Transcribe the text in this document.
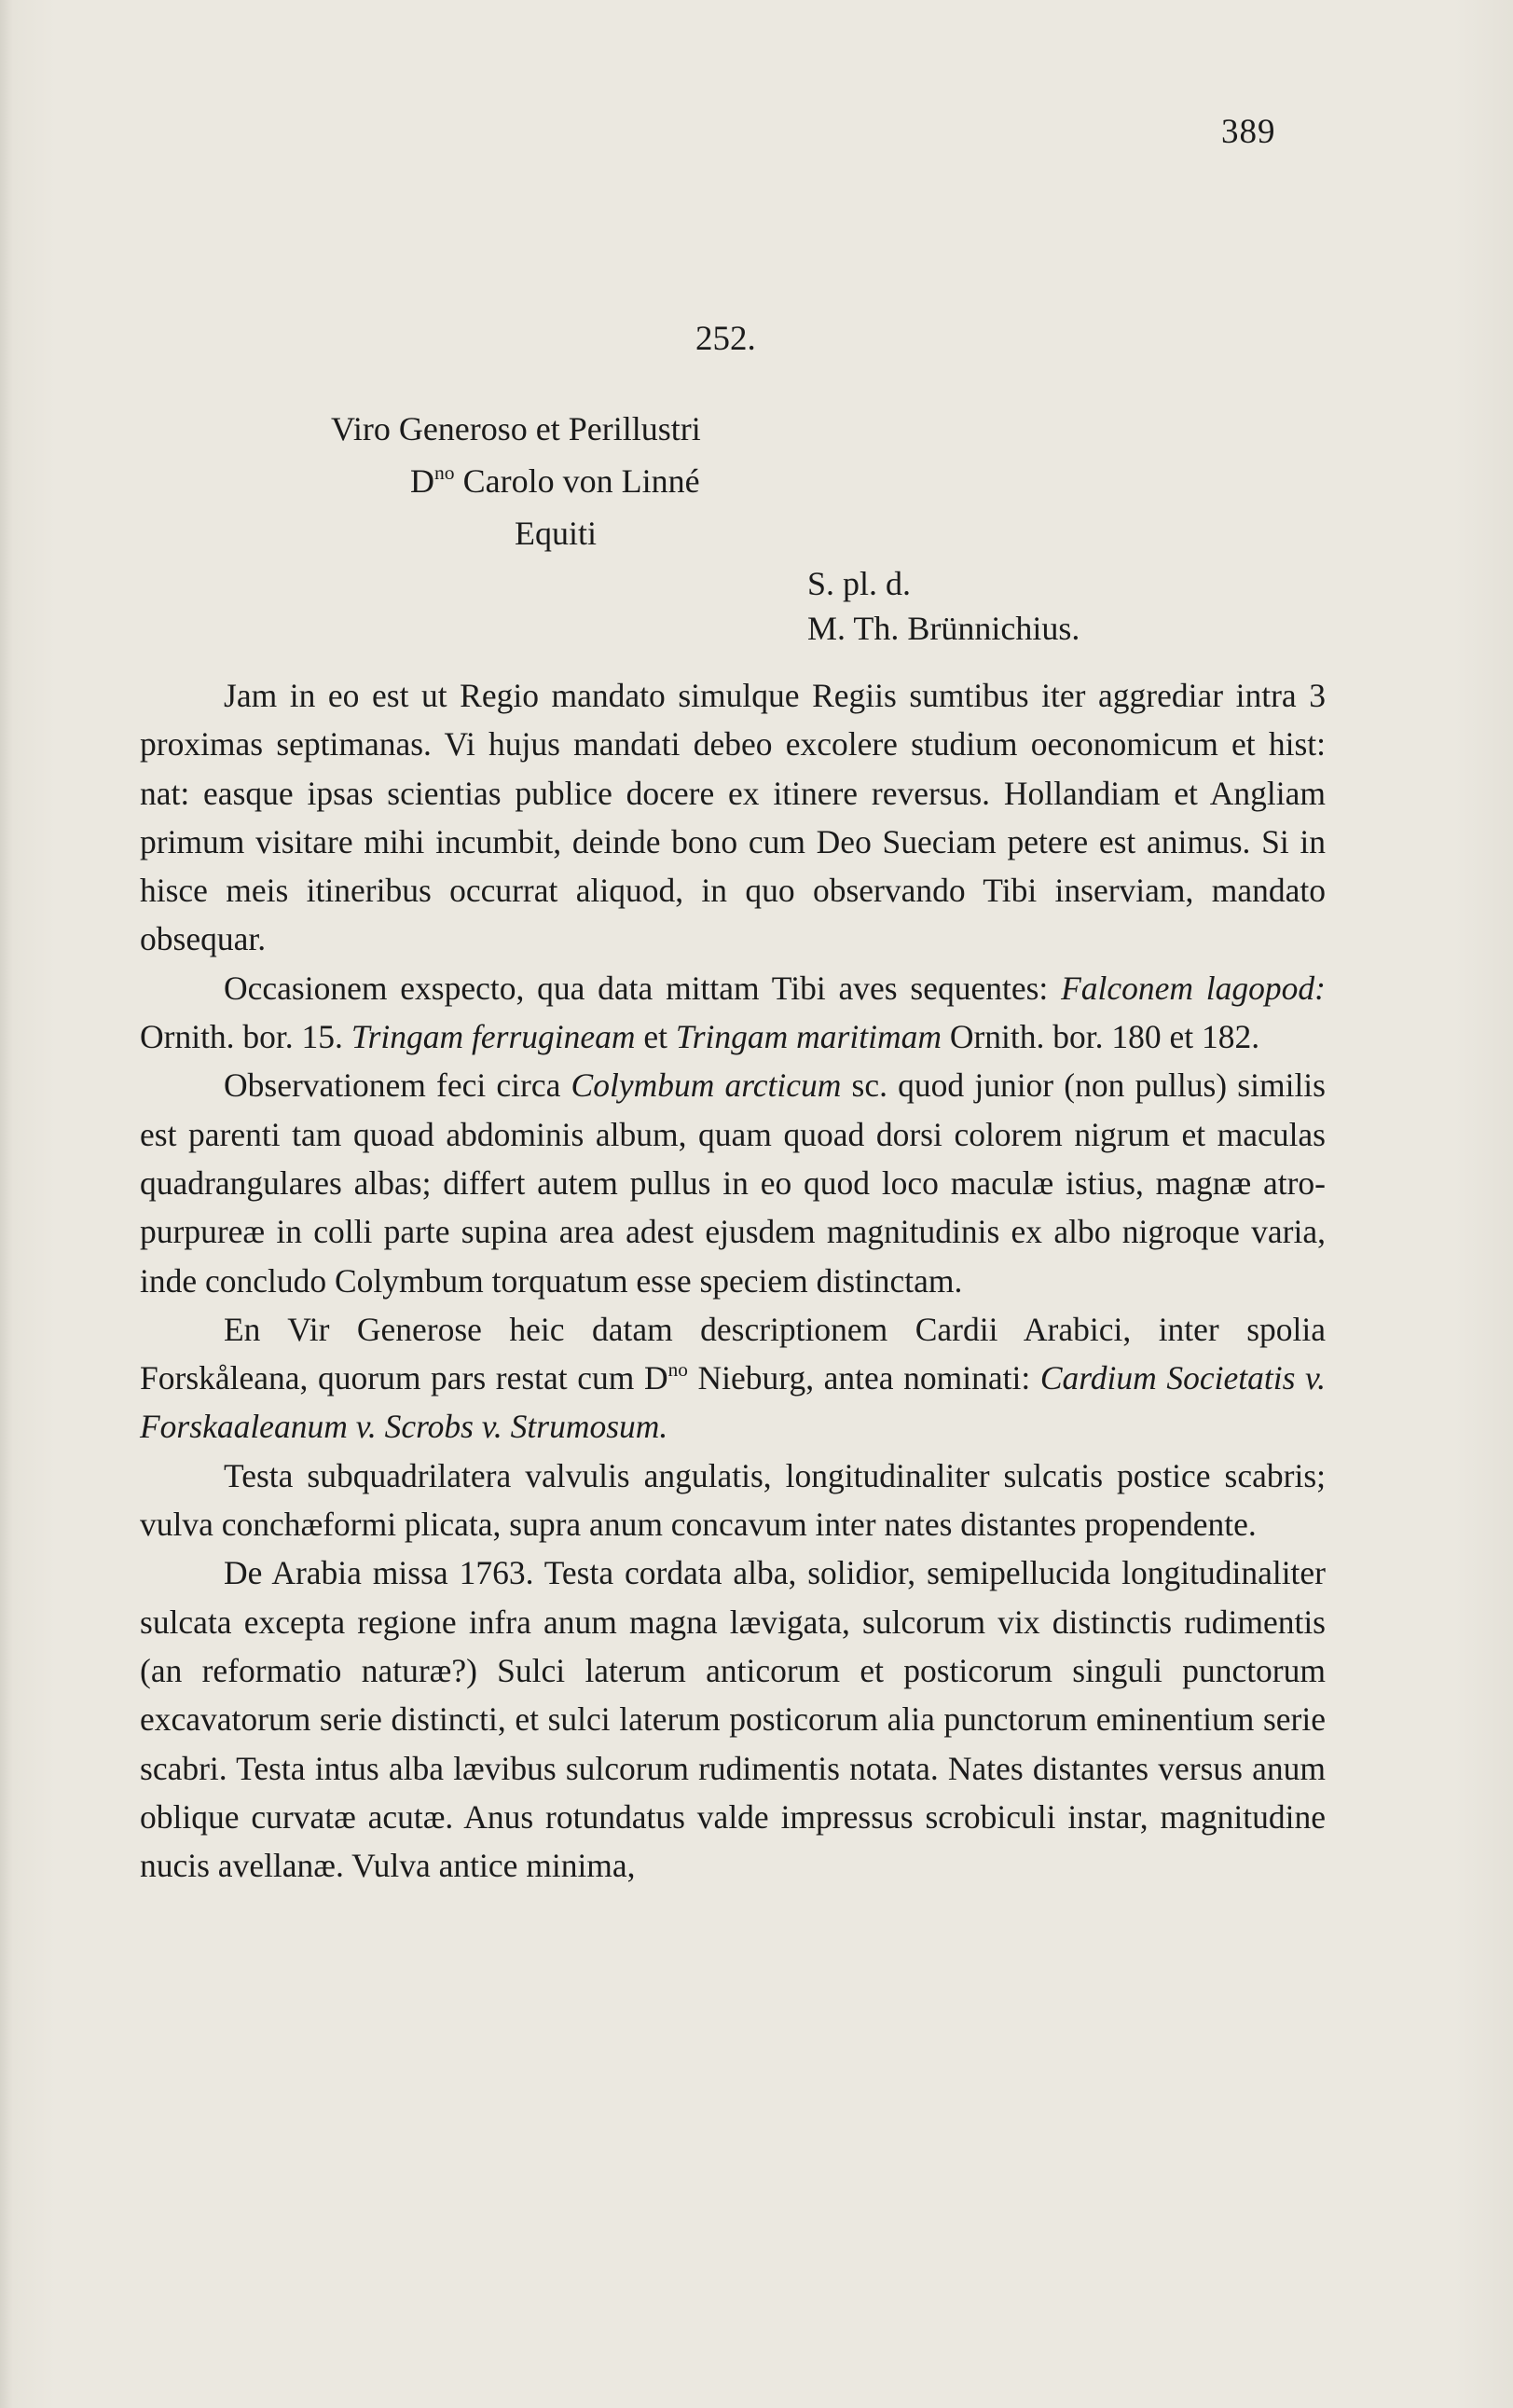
389
252.
Viro Generoso et Perillustri
$D^{no}$ Carolo von Linné
Equiti
S. pl. d.
M. Th. Brünnichius.

Jam in eo est ut Regio mandato simulque Regiis sumtibus iter aggrediar intra 3 proximas septimanas. Vi hujus mandati debeo excolere studium oeconomicum et hist: nat: easque ipsas scientias publice docere ex itinere reversus. Hollandiam et Angliam primum visitare mihi incumbit, deinde bono cum Deo Sueciam petere est animus. Si in hisce meis itineribus occurrat aliquod, in quo observando Tibi inserviam, mandato obsequar.

Occasionem exspecto, qua data mittam Tibi aves sequentes: Falconem lagopod: Ornith. bor. 15. Tringam ferrugineam et Tringam maritimam Ornith. bor. 180 et 182.

Observationem feci circa Colymbum arcticum sc. quod junior (non pullus) similis est parenti tam quoad abdominis album, quam quoad dorsi colorem nigrum et maculas quadrangulares albas; differt autem pullus in eo quod loco maculæ istius, magnæ atro-purpureæ in colli parte supina area adest ejusdem magnitudinis ex albo nigroque varia, inde concludo Colymbum torquatum esse speciem distinctam.

En Vir Generose heic datam descriptionem Cardii Arabici, inter spolia Forskåleana, quorum pars restat cum $D^{no}$ Nieburg, antea nominati: Cardium Societatis v. Forskaaleanum v. Scrobs v. Strumosum.

Testa subquadrilatera valvulis angulatis, longitudinaliter sulcatis postice scabris; vulva conchæformi plicata, supra anum concavum inter nates distantes propendente.

De Arabia missa 1763. Testa cordata alba, solidior, semipellucida longitudinaliter sulcata excepta regione infra anum magna lævigata, sulcorum vix distinctis rudimentis (an reformatio naturæ?) Sulci laterum anticorum et posticorum singuli punctorum excavatorum serie distincti, et sulci laterum posticorum alia punctorum eminentium serie scabri. Testa intus alba lævibus sulcorum rudimentis notata. Nates distantes versus anum oblique curvatæ acutæ. Anus rotundatus valde impressus scrobiculi instar, magnitudine nucis avellanæ. Vulva antice minima,
